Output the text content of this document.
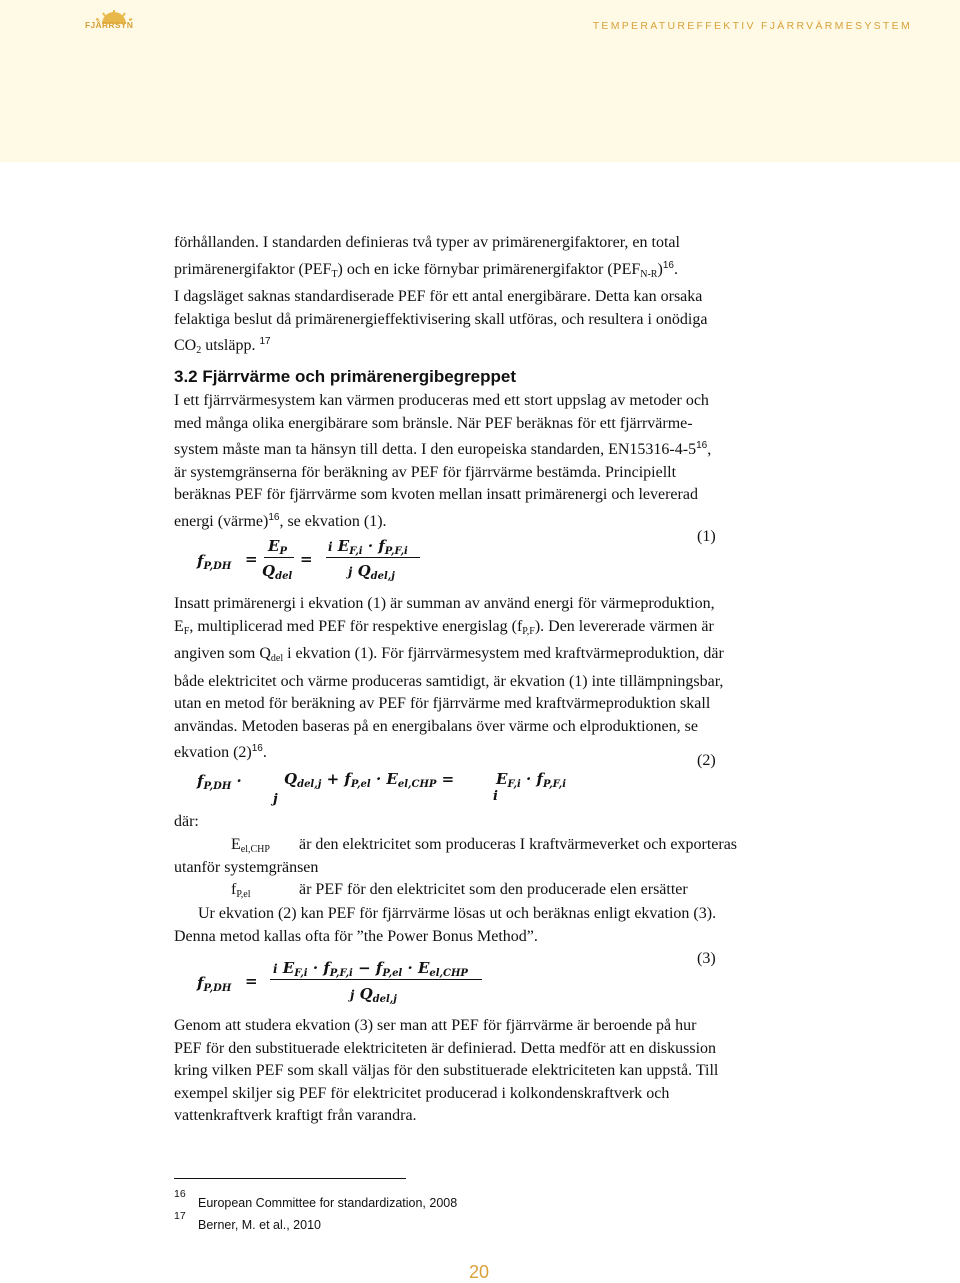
FJÄRRSYN	TEMPERATUREFFEKTIV FJÄRRVÄRMESYSTEM
förhållanden. I standarden definieras två typer av primärenergifaktorer, en total
primärenergifaktor $(PEF_T)$ och en icke förnybar primärenergifaktor $(PEF_{N-R})^{16}$.
I dagsläget saknas standardiserade PEF för ett antal energibärare. Detta kan orsaka
felaktiga beslut då primärenergieffektivisering skall utföras, och resultera i onödiga
$CO_2$ utsläpp. $^{17}$
3.2 Fjärrvärme och primärenergibegreppet
I ett fjärrvärmesystem kan värmen produceras med ett stort uppslag av metoder och
med många olika energibärare som bränsle. När PEF beräknas för ett fjärrvärme-
system måste man ta hänsyn till detta. I den europeiska standarden, $EN15316-4-5^{16}$,
är systemgränserna för beräkning av PEF för fjärrvärme bestämda. Principiellt
beräknas PEF för fjärrvärme som kvoten mellan insatt primärenergi och levererad
energi (värme)$^{16}$, se ekvation (1).
$f_{P,DH}$ =
$E_P$
$Q_{del}$
=
i $E_{F,i} \cdot f_{P,F,i}$
j $Q_{del,j}$
(1)
Insatt primärenergi i ekvation (1) är summan av använd energi för värmeproduktion,
$E_F$, multiplicerad med PEF för respektive energislag $(f_{P,F})$. Den levererade värmen är
angiven som $Q_{del}$ i ekvation (1). För fjärrvärmesystem med kraftvärmeproduktion, där
både elektricitet och värme produceras samtidigt, är ekvation (1) inte tillämpningsbar,
utan en metod för beräkning av PEF för fjärrvärme med kraftvärmeproduktion skall
användas. Metoden baseras på en energibalans över värme och elproduktionen, se
ekvation $(2)^{16}$.
$f_{P,DH}$ ·	$Q_{del,j} + f_{P,el} \cdot E_{el,CHP}$ =
j
$E_{F,i} \cdot f_{P,F,i}$
i
(2)
där:
$E_{el,CHP}$ är den elektricitet som produceras I kraftvärmeverket och exporteras
utanför systemgränsen
$f_{P,el}$	är PEF för den elektricitet som den producerade elen ersätter
Ur ekvation (2) kan PEF för fjärrvärme lösas ut och beräknas enligt ekvation (3).
Denna metod kallas ofta för ”the Power Bonus Method”.
$f_{P,DH}$ =
i $E_{F,i} \cdot f_{P,F,i} - f_{P,el} \cdot E_{el,CHP}$
j $Q_{del,j}$
(3)
Genom att studera ekvation (3) ser man att PEF för fjärrvärme är beroende på hur
PEF för den substituerade elektriciteten är definierad. Detta medför att en diskussion
kring vilken PEF som skall väljas för den substituerade elektriciteten kan uppstå. Till
exempel skiljer sig PEF för elektricitet producerad i kolkondenskraftverk och
vattenkraftverk kraftigt från varandra.
16
European Committee for standardization, 2008
17
Berner, M. et al., 2010
20
